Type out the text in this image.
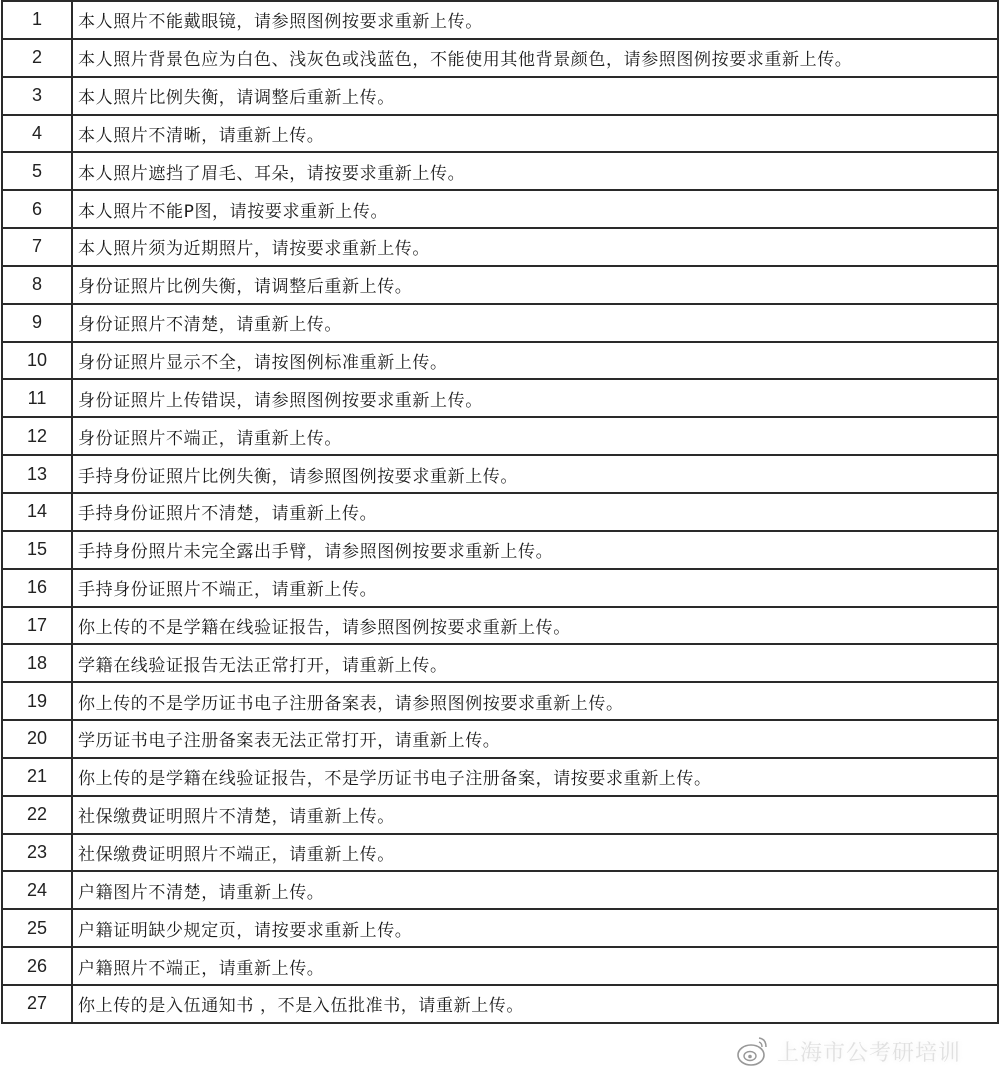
1	本人照片不能戴眼镜，请参照图例按要求重新上传。
2	本人照片背景色应为白色、浅灰色或浅蓝色，不能使用其他背景颜色，请参照图例按要求重新上传。
3	本人照片比例失衡，请调整后重新上传。
4	本人照片不清晰，请重新上传。
5	本人照片遮挡了眉毛、耳朵，请按要求重新上传。
6	本人照片不能P图，请按要求重新上传。
7	本人照片须为近期照片，请按要求重新上传。
8	身份证照片比例失衡，请调整后重新上传。
9	身份证照片不清楚，请重新上传。
10	身份证照片显示不全，请按图例标准重新上传。
11	身份证照片上传错误，请参照图例按要求重新上传。
12	身份证照片不端正，请重新上传。
13	手持身份证照片比例失衡，请参照图例按要求重新上传。
14	手持身份证照片不清楚，请重新上传。
15	手持身份照片未完全露出手臂，请参照图例按要求重新上传。
16	手持身份证照片不端正，请重新上传。
17	你上传的不是学籍在线验证报告，请参照图例按要求重新上传。
18	学籍在线验证报告无法正常打开，请重新上传。
19	你上传的不是学历证书电子注册备案表，请参照图例按要求重新上传。
20	学历证书电子注册备案表无法正常打开，请重新上传。
21	你上传的是学籍在线验证报告，不是学历证书电子注册备案，请按要求重新上传。
22	社保缴费证明照片不清楚，请重新上传。
23	社保缴费证明照片不端正，请重新上传。
24	户籍图片不清楚，请重新上传。
25	户籍证明缺少规定页，请按要求重新上传。
26	户籍照片不端正，请重新上传。
27	你上传的是入伍通知书 ，不是入伍批准书，请重新上传。
上海市公考研培训
